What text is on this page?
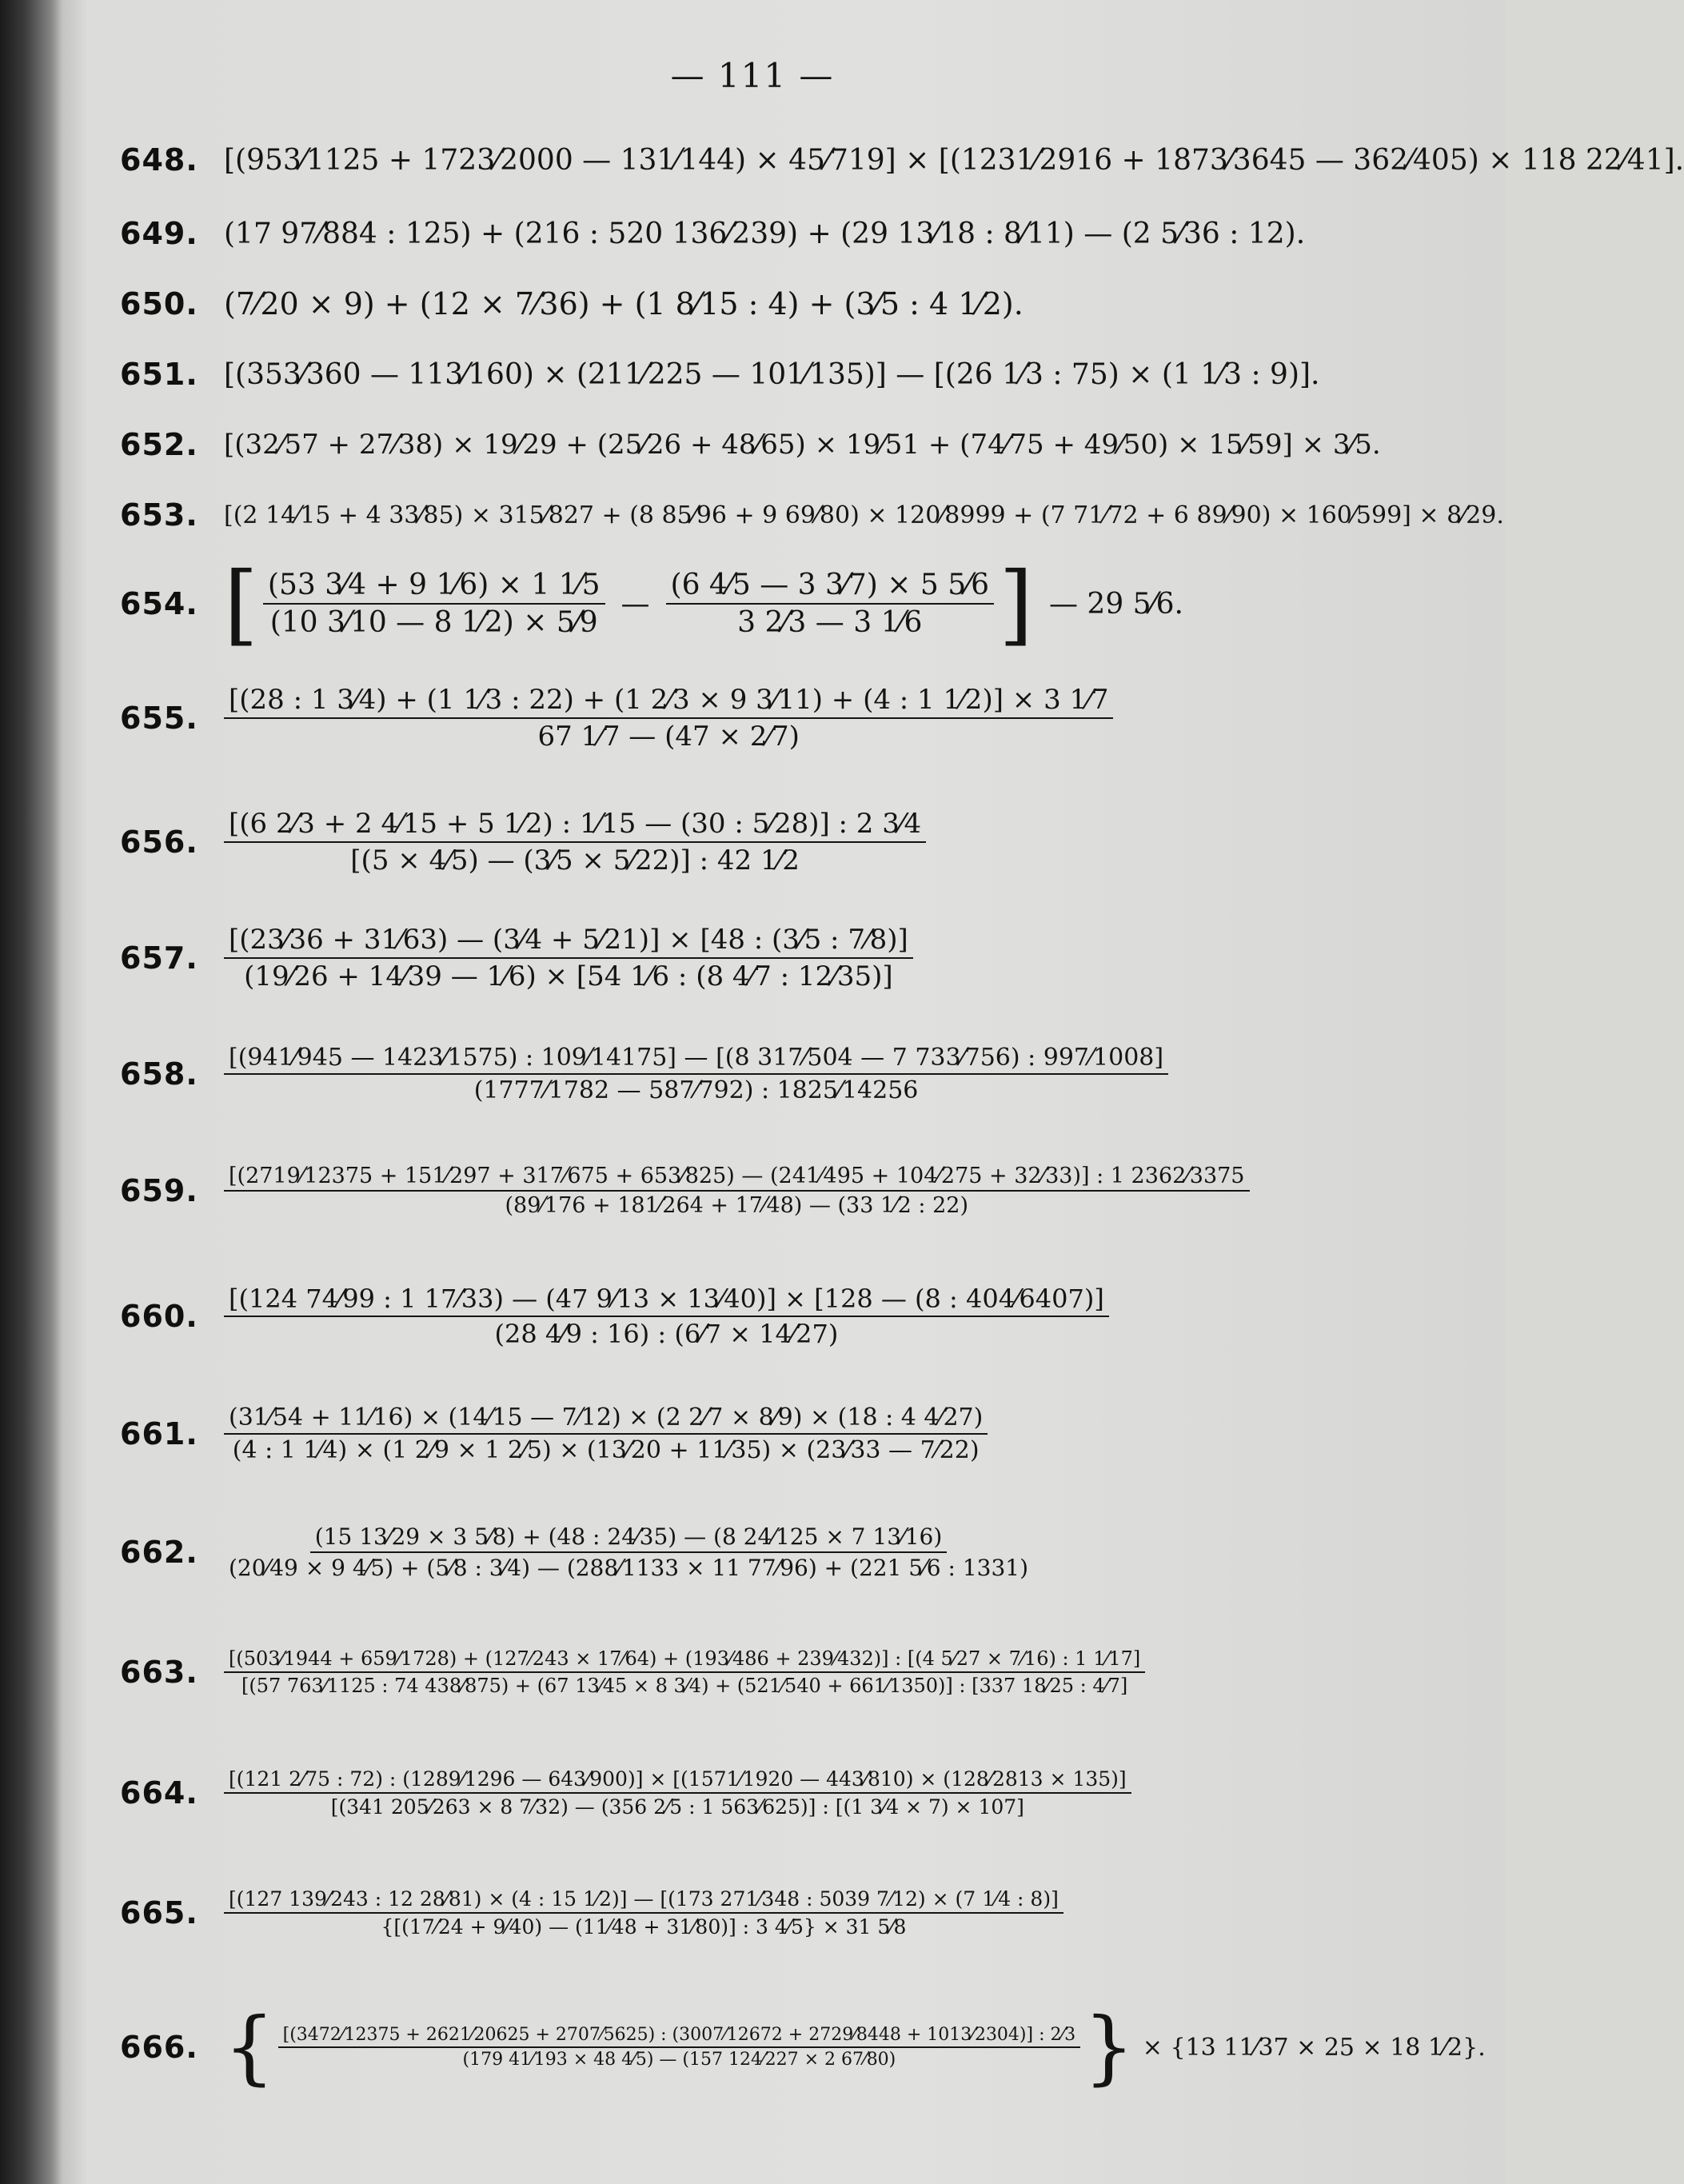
— 111 —
648. [(953⁄1125 + 1723⁄2000 — 131⁄144) × 45⁄719] × [(1231⁄2916 + 1873⁄3645 — 362⁄405) × 118 22⁄41].
649. (17 97⁄884 : 125) + (216 : 520 136⁄239) + (29 13⁄18 : 8⁄11) — (2 5⁄36 : 12).
650. (7⁄20 × 9) + (12 × 7⁄36) + (1 8⁄15 : 4) + (3⁄5 : 4 1⁄2).
651. [(353⁄360 — 113⁄160) × (211⁄225 — 101⁄135)] — [(26 1⁄3 : 75) × (1 1⁄3 : 9)].
652. [(32⁄57 + 27⁄38) × 19⁄29 + (25⁄26 + 48⁄65) × 19⁄51 + (74⁄75 + 49⁄50) × 15⁄59] × 3⁄5.
653.	[(2 14⁄15 + 4 33⁄85) × 315⁄827 + (8 85⁄96 + 9 69⁄80) × 120⁄8999 + (7 71⁄72 + 6 89⁄90) × 160⁄599] × 8⁄29.
654. [ $\frac{(53 3⁄4 + 9 1⁄6) \times 1 1⁄5}{(10 3⁄10 — 8 1⁄2) \times 5⁄9}$ — $\frac{(6 4⁄5 — 3 3⁄7) \times 5 5⁄6}{3 2⁄3 — 3 1⁄6}$ ] — 29 5⁄6.
655.
[(28 : 1 3⁄4) + (1 1⁄3 : 22) + (1 2⁄3 × 9 3⁄11) + (4 : 1 1⁄2)] × 3 1⁄7
67 1⁄7 — (47 × 2⁄7)
656. $\frac{[(6 2⁄3 + 2 4⁄15 + 5 1⁄2) : 1⁄15 — (30 : 5⁄28)] : 2 3⁄4}{[(5 \times 4⁄5) — (3⁄5 \times 5⁄22)] : 42 1⁄2}$
657. $\frac{[(23⁄36 + 31⁄63) — (3⁄4 + 5⁄21)] \times [48 : (3⁄5 : 7⁄8)]}{(19⁄26 + 14⁄39 — 1⁄6) \times [54 1⁄6 : (8 4⁄7 : 12⁄35)]}$
658.	[(941⁄945 — 1423⁄1575) : 109⁄14175] — [(8 317⁄504 — 7 733⁄756) : 997⁄1008]
(1777⁄1782 — 587⁄792) : 1825⁄14256
659.	[(2719⁄12375 + 151⁄297 + 317⁄675 + 653⁄825) — (241⁄495 + 104⁄275 + 32⁄33)] : 1 2362⁄3375
(89⁄176 + 181⁄264 + 17⁄48) — (33 1⁄2 : 22)
660.	[(124 74⁄99 : 1 17⁄33) — (47 9⁄13 × 13⁄40)] × [128 — (8 : 404⁄6407)]
(28 4⁄9 : 16) : (6⁄7 × 14⁄27)
661.	(31⁄54 + 11⁄16) × (14⁄15 — 7⁄12) × (2 2⁄7 × 8⁄9) × (18 : 4 4⁄27)
(4 : 1 1⁄4) × (1 2⁄9 × 1 2⁄5) × (13⁄20 + 11⁄35) × (23⁄33 — 7⁄22)
662.	(15 13⁄29 × 3 5⁄8) + (48 : 24⁄35) — (8 24⁄125 × 7 13⁄16)
(20⁄49 × 9 4⁄5) + (5⁄8 : 3⁄4) — (288⁄1133 × 11 77⁄96) + (221 5⁄6 : 1331)
663.	[(503⁄1944 + 659⁄1728) + (127⁄243 × 17⁄64) + (193⁄486 + 239⁄432)] : [(4 5⁄27 × 7⁄16) : 1 1⁄17]
[(57 763⁄1125 : 74 438⁄875) + (67 13⁄45 × 8 3⁄4) + (521⁄540 + 661⁄1350)] : [337 18⁄25 : 4⁄7]
664.	[(121 2⁄75 : 72) : (1289⁄1296 — 643⁄900)] × [(1571⁄1920 — 443⁄810) × (128⁄2813 × 135)]
[(341 205⁄263 × 8 7⁄32) — (356 2⁄5 : 1 563⁄625)] : [(1 3⁄4 × 7) × 107]
665.	[(127 139⁄243 : 12 28⁄81) × (4 : 15 1⁄2)] — [(173 271⁄348 : 5039 7⁄12) × (7 1⁄4 : 8)]
{[(17⁄24 + 9⁄40) — (11⁄48 + 31⁄80)] : 3 4⁄5} × 31 5⁄8
666. { [(3472⁄12375 + 2621⁄20625 + 2707⁄5625) : (3007⁄12672 + 2729⁄8448 + 1013⁄2304)] : 2⁄3
(179 41⁄193 × 48 4⁄5) — (157 124⁄227 × 2 67⁄80) } × {13 11⁄37 × 25 × 18 1⁄2}.
